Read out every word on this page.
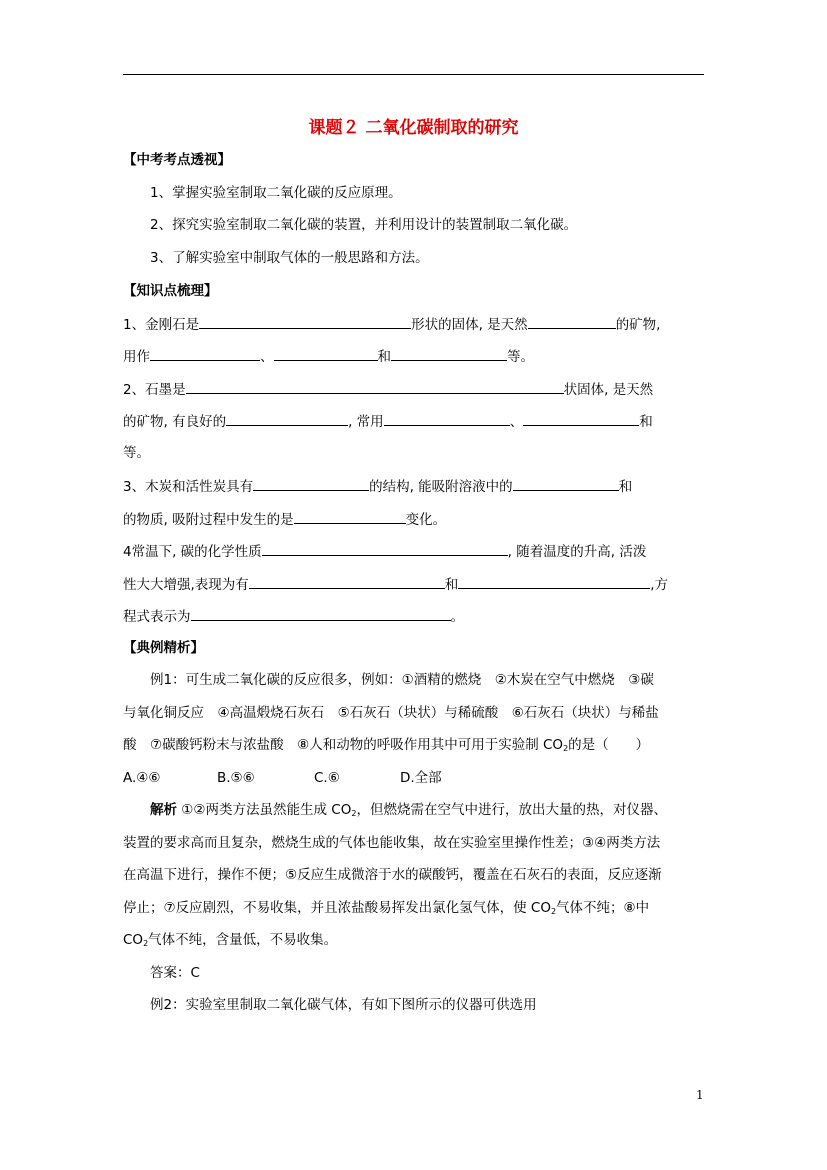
课题２ 二氧化碳制取的研究
【中考考点透视】
1、掌握实验室制取二氧化碳的反应原理。
2、探究实验室制取二氧化碳的装置，并利用设计的装置制取二氧化碳。
3、了解实验室中制取气体的一般思路和方法。
【知识点梳理】
1、金刚石是	形状的固体, 是天然	的矿物,
用作	、	和	等。
2、石墨是	状固体, 是天然
的矿物, 有良好的	, 常用	、	和
等。
3、木炭和活性炭具有	的结构, 能吸附溶液中的	和
的物质, 吸附过程中发生的是	变化。
4常温下, 碳的化学性质	, 随着温度的升高, 活泼
性大大增强,表现为有	和	,方
程式表示为	。
【典例精析】
例1：可生成二氧化碳的反应很多，例如：①酒精的燃烧　②木炭在空气中燃烧　③碳
与氧化铜反应　④高温煅烧石灰石　⑤石灰石（块状）与稀硫酸　⑥石灰石（块状）与稀盐
酸　⑦碳酸钙粉末与浓盐酸　⑧人和动物的呼吸作用其中可用于实验制 $CO_2$的是（　　）
A.④⑥	B.⑤⑥	C.⑥	D.全部
解析 ①②两类方法虽然能生成 $CO_2$，但燃烧需在空气中进行，放出大量的热，对仪器、
装置的要求高而且复杂，燃烧生成的气体也能收集，故在实验室里操作性差；③④两类方法
在高温下进行，操作不便；⑤反应生成微溶于水的碳酸钙，覆盖在石灰石的表面，反应逐渐
停止；⑦反应剧烈，不易收集，并且浓盐酸易挥发出氯化氢气体，使 $CO_2$气体不纯；⑧中
$CO_2$气体不纯，含量低，不易收集。
答案：C
例2：实验室里制取二氧化碳气体，有如下图所示的仪器可供选用
1
